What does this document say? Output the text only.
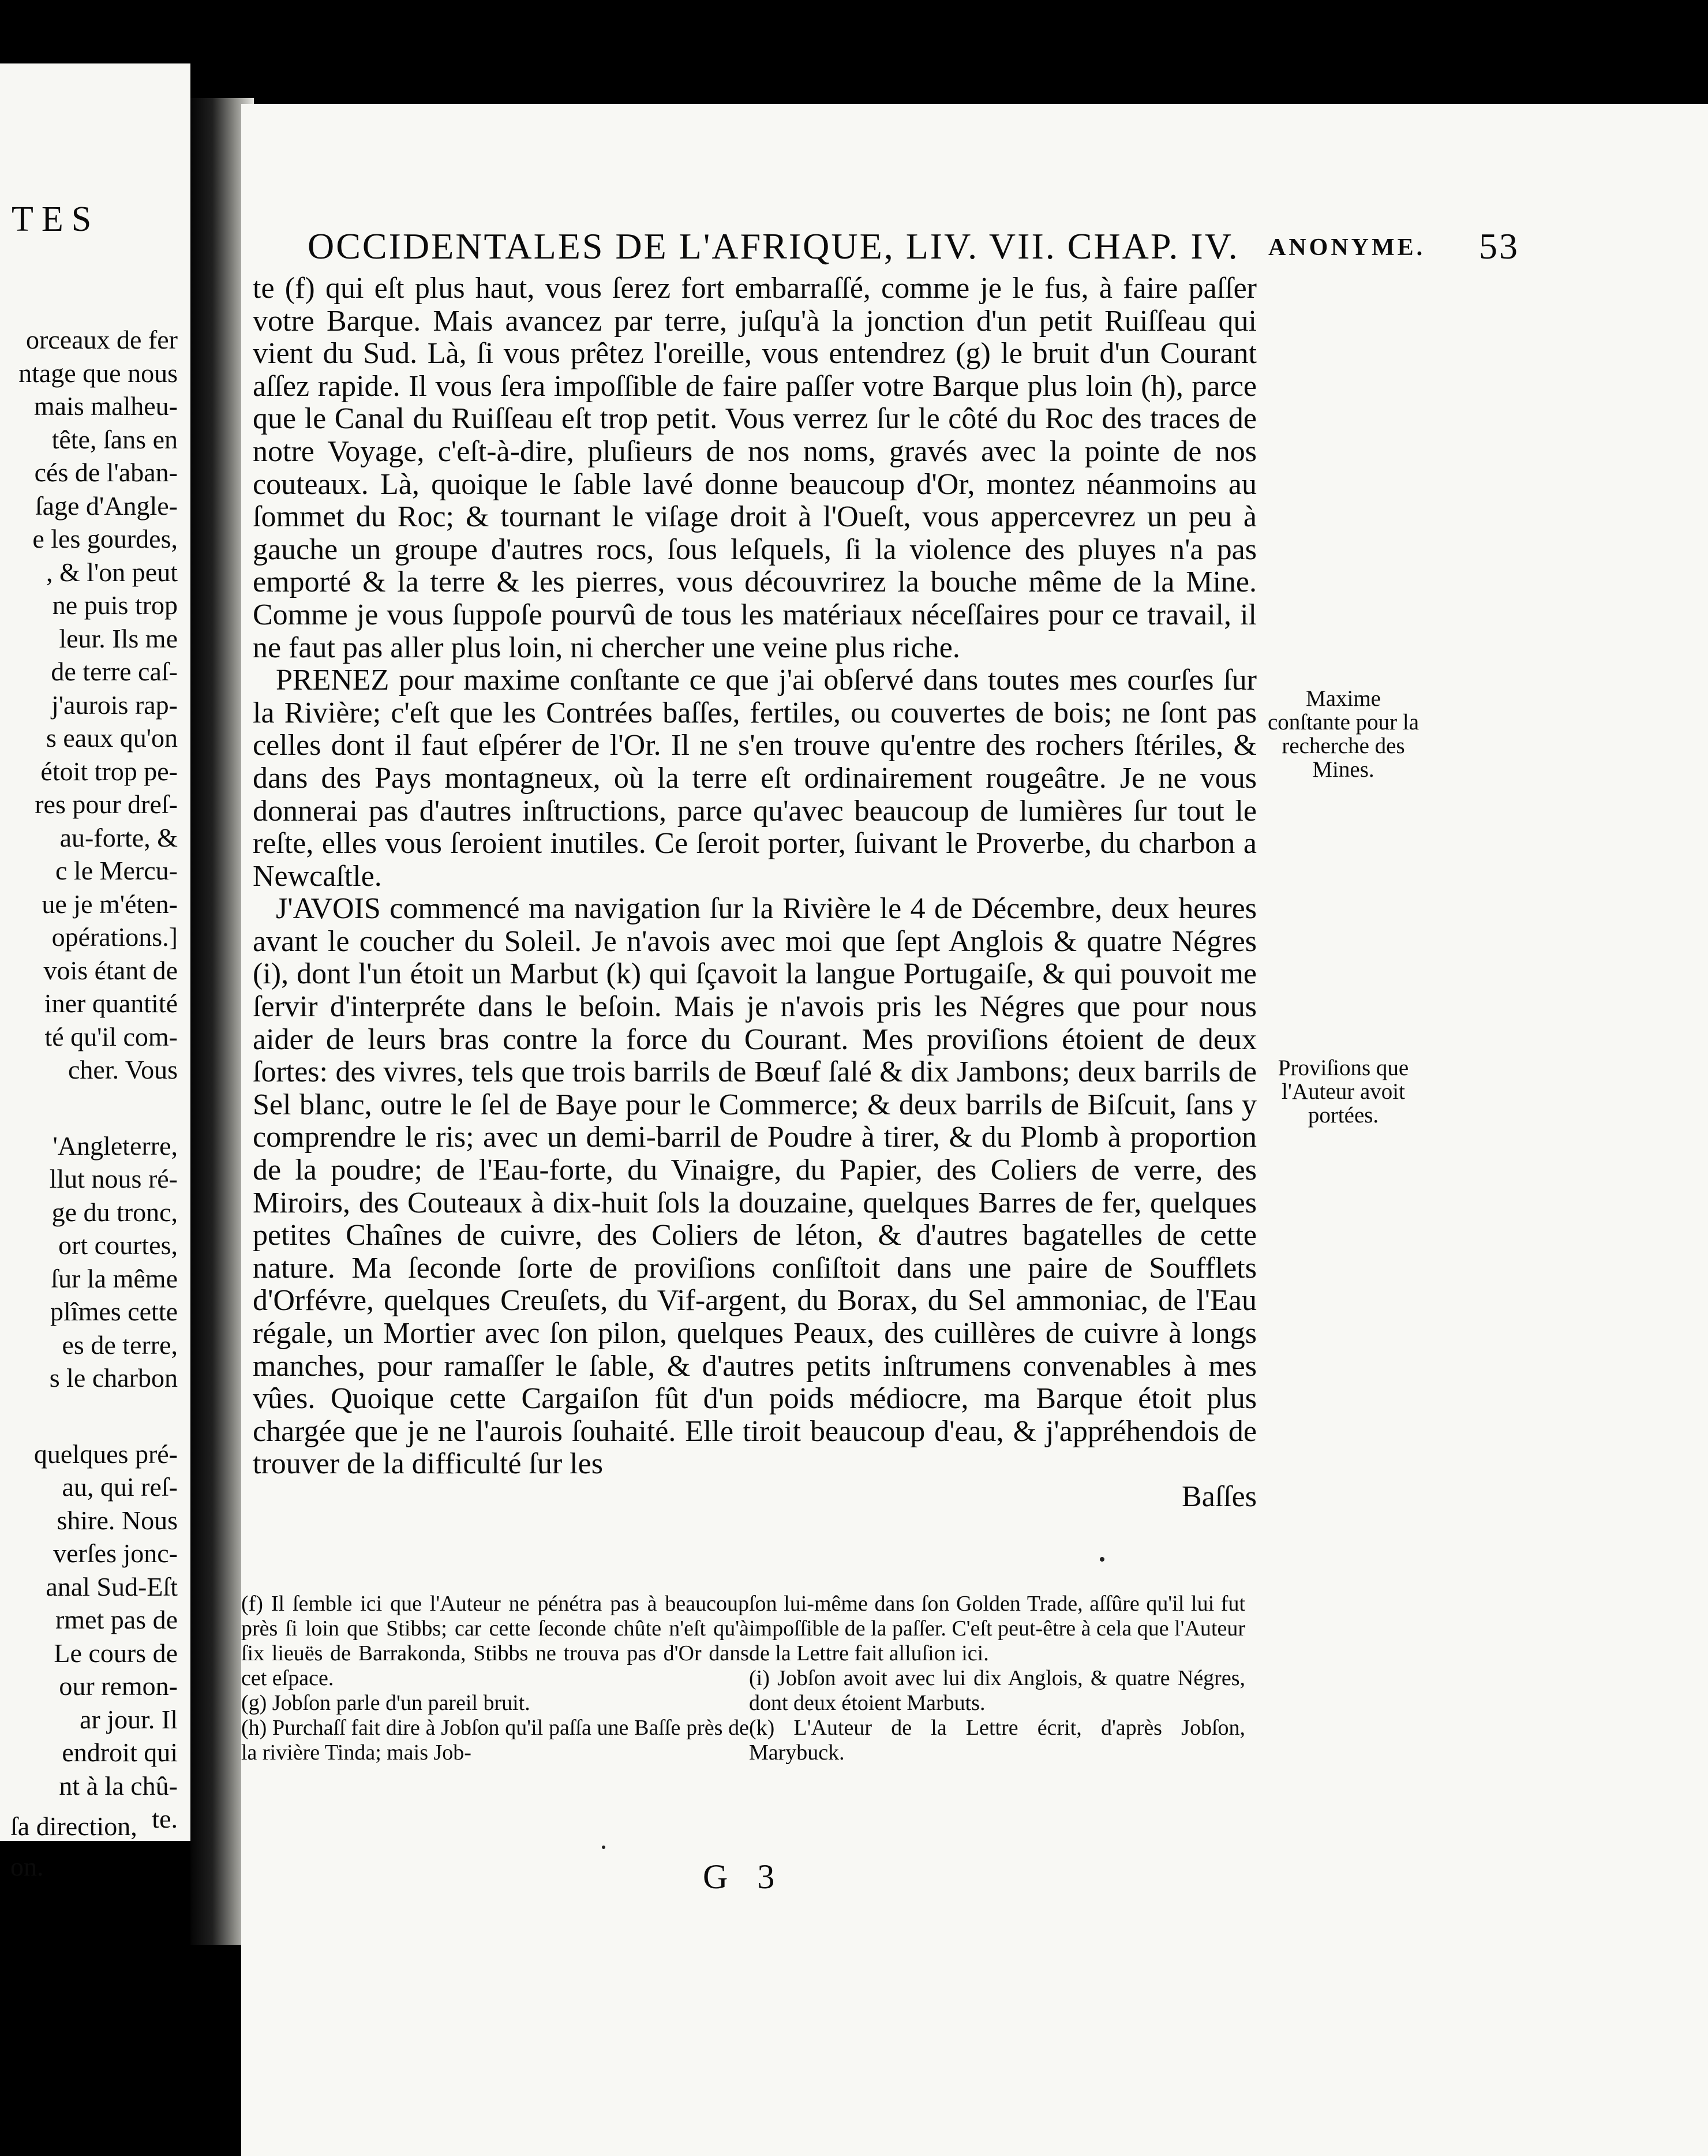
TES
orceaux de fer
ntage que nous
mais malheu-
tête, ſans en
cés de l'aban-
ſage d'Angle-
e les gourdes,
, & l'on peut
ne puis trop
leur. Ils me
de terre caſ-
j'aurois rap-
s eaux qu'on
étoit trop pe-
res pour dreſ-
au-forte, &
c le Mercu-
ue je m'éten-
opérations.]
vois étant de
iner quantité
té qu'il com-
cher. Vous
'Angleterre,
llut nous ré-
ge du tronc,
ort courtes,
ſur la même
plîmes cette
es de terre,
s le charbon
quelques pré-
au, qui reſ-
shire. Nous
verſes jonc-
anal Sud-Eſt
rmet pas de
Le cours de
our remon-
ar jour. Il
endroit qui
nt à la chû-
te.
ſa direction,
on.
OCCIDENTALES DE L'AFRIQUE, LIV. VII. CHAP. IV.	53
ANONYME.

te (f) qui eſt plus haut, vous ſerez fort embarraſſé, comme je le fus, à faire paſſer votre Barque. Mais avancez par terre, juſqu'à la jonction d'un petit Ruiſſeau qui vient du Sud. Là, ſi vous prêtez l'oreille, vous entendrez (g) le bruit d'un Courant aſſez rapide. Il vous ſera impoſſible de faire paſſer votre Barque plus loin (h), parce que le Canal du Ruiſſeau eſt trop petit. Vous verrez ſur le côté du Roc des traces de notre Voyage, c'eſt-à-dire, pluſieurs de nos noms, gravés avec la pointe de nos couteaux. Là, quoique le ſable lavé donne beaucoup d'Or, montez néanmoins au ſommet du Roc; & tournant le viſage droit à l'Oueſt, vous appercevrez un peu à gauche un groupe d'autres rocs, ſous leſquels, ſi la violence des pluyes n'a pas emporté & la terre & les pierres, vous découvrirez la bouche même de la Mine. Comme je vous ſuppoſe pourvû de tous les matériaux néceſſaires pour ce travail, il ne faut pas aller plus loin, ni chercher une veine plus riche.

PRENEZ pour maxime conſtante ce que j'ai obſervé dans toutes mes courſes ſur la Rivière; c'eſt que les Contrées baſſes, fertiles, ou couvertes de bois; ne ſont pas celles dont il faut eſpérer de l'Or. Il ne s'en trouve qu'entre des rochers ſtériles, & dans des Pays montagneux, où la terre eſt ordinairement rougeâtre. Je ne vous donnerai pas d'autres inſtructions, parce qu'avec beaucoup de lumières ſur tout le reſte, elles vous ſeroient inutiles. Ce ſeroit porter, ſuivant le Proverbe, du charbon a Newcaſtle.

J'AVOIS commencé ma navigation ſur la Rivière le 4 de Décembre, deux heures avant le coucher du Soleil. Je n'avois avec moi que ſept Anglois & quatre Négres (i), dont l'un étoit un Marbut (k) qui ſçavoit la langue Portugaiſe, & qui pouvoit me ſervir d'interpréte dans le beſoin. Mais je n'avois pris les Négres que pour nous aider de leurs bras contre la force du Courant. Mes proviſions étoient de deux ſortes: des vivres, tels que trois barrils de Bœuf ſalé & dix Jambons; deux barrils de Sel blanc, outre le ſel de Baye pour le Commerce; & deux barrils de Biſcuit, ſans y comprendre le ris; avec un demi-barril de Poudre à tirer, & du Plomb à proportion de la poudre; de l'Eau-forte, du Vinaigre, du Papier, des Coliers de verre, des Miroirs, des Couteaux à dix-huit ſols la douzaine, quelques Barres de fer, quelques petites Chaînes de cuivre, des Coliers de léton, & d'autres bagatelles de cette nature. Ma ſeconde ſorte de proviſions conſiſtoit dans une paire de Soufflets d'Orfévre, quelques Creuſets, du Vif-argent, du Borax, du Sel ammoniac, de l'Eau régale, un Mortier avec ſon pilon, quelques Peaux, des cuillères de cuivre à longs manches, pour ramaſſer le ſable, & d'autres petits inſtrumens convenables à mes vûes. Quoique cette Cargaiſon fût d'un poids médiocre, ma Barque étoit plus chargée que je ne l'aurois ſouhaité. Elle tiroit beaucoup d'eau, & j'appréhendois de trouver de la difficulté ſur les

Baſſes

Maxime conſtante pour la recherche des Mines.
Proviſions que l'Auteur avoit portées.

(f) Il ſemble ici que l'Auteur ne pénétra pas à beaucoup près ſi loin que Stibbs; car cette ſeconde chûte n'eſt qu'à ſix lieuës de Barrakonda, Stibbs ne trouva pas d'Or dans cet eſpace.

(g) Jobſon parle d'un pareil bruit.

(h) Purchaſſ fait dire à Jobſon qu'il paſſa une Baſſe près de la rivière Tinda; mais Job-

ſon lui-même dans ſon Golden Trade, aſſûre qu'il lui fut impoſſible de la paſſer. C'eſt peut-être à cela que l'Auteur de la Lettre fait alluſion ici.

(i) Jobſon avoit avec lui dix Anglois, & quatre Négres, dont deux étoient Marbuts.

(k) L'Auteur de la Lettre écrit, d'après Jobſon, Marybuck.

G 3
